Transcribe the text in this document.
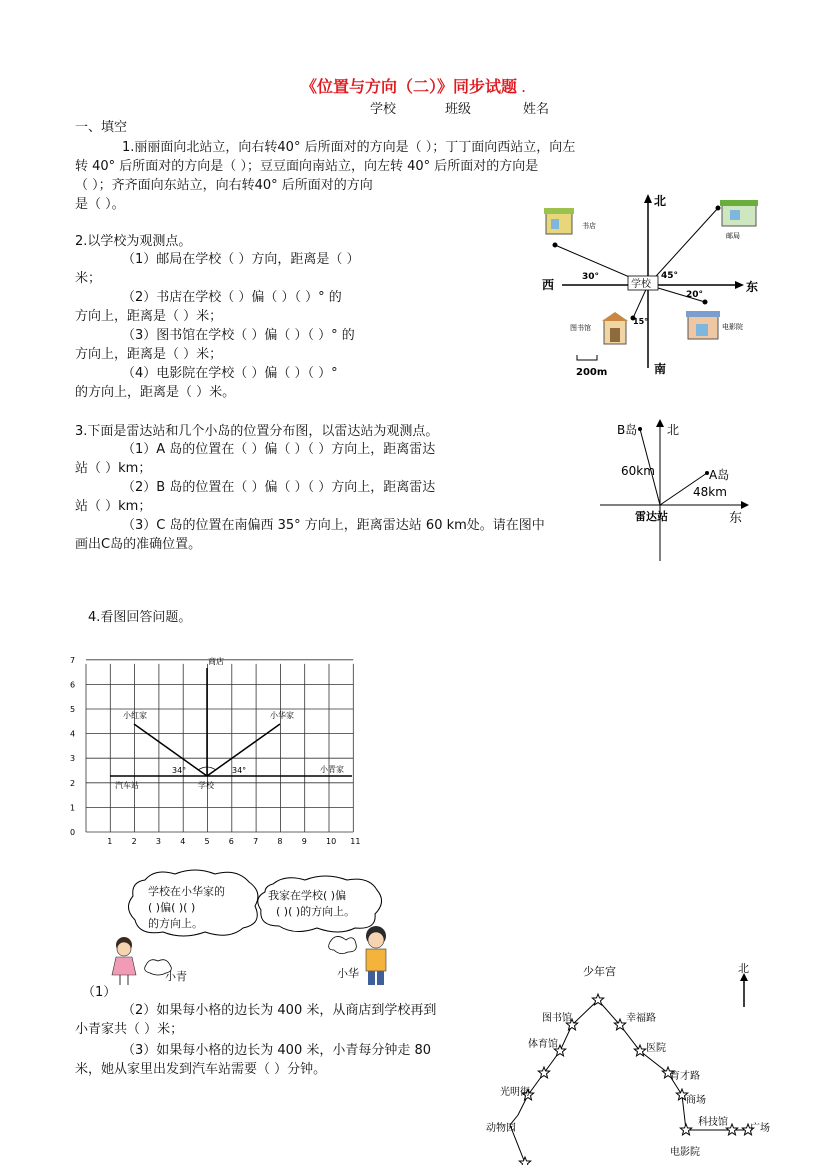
《位置与方向（二）》同步试题 .
学校
一、填空
1.丽丽面向北站立，向右转40° 后所面对的方向是（ ）；丁丁面向西站立，向左
转 40° 后所面对的方向是（ ）；豆豆面向南站立，向左转 40° 后所面对的方向是
（ ）；齐齐面向东站立，向右转40° 后所面对的方向
是（ ）。
2.以学校为观测点。
（1）邮局在学校（ ）方向，距离是（ ）
米；
（2）书店在学校（ ）偏（ ）（ ）° 的
方向上，距离是（ ）米；
（3）图书馆在学校（ ）偏（ ）（ ）° 的
方向上，距离是（ ）米；
（4）电影院在学校（ ）偏（ ）（ ）°
的方向上，距离是（ ）米。
北
南
西	东
学校
30°	45°
20°
15°
书店
邮局
图书馆	电影院
200m
3.下面是雷达站和几个小岛的位置分布图，以雷达站为观测点。
（1）A 岛的位置在（ ）偏（ ）（ ）方向上，距离雷达
站（ ）km；
（2）B 岛的位置在（ ）偏（ ）（ ）方向上，距离雷达
站（ ）km；
（3）C 岛的位置在南偏西 35° 方向上，距离雷达站 60 km处。请在图中
画出C岛的准确位置。
B岛 北
A岛
60km
48km
雷达站	东
4.看图回答问题。
0
1
2
3
4
5
6
7
1 2 3 4 5 6 7 8 9 10 11
商店
小红家	小华家
汽车站	学校
小青家
34°	34°
学校在小华家的
( )偏( )( )
的方向上。
我家在学校( )偏
( )( )的方向上。
小青	小华
（1）
（2）如果每小格的边长为 400 米，从商店到学校再到
小青家共（ ）米；
（3）如果每小格的边长为 400 米，小青每分钟走 80
米，她从家里出发到汽车站需要（ ）分钟。
北
少年宫
图书馆	幸福路
体育馆	医院
育才路
光明街
商场
动物园
科技馆
广场
电影院
班级	姓名
